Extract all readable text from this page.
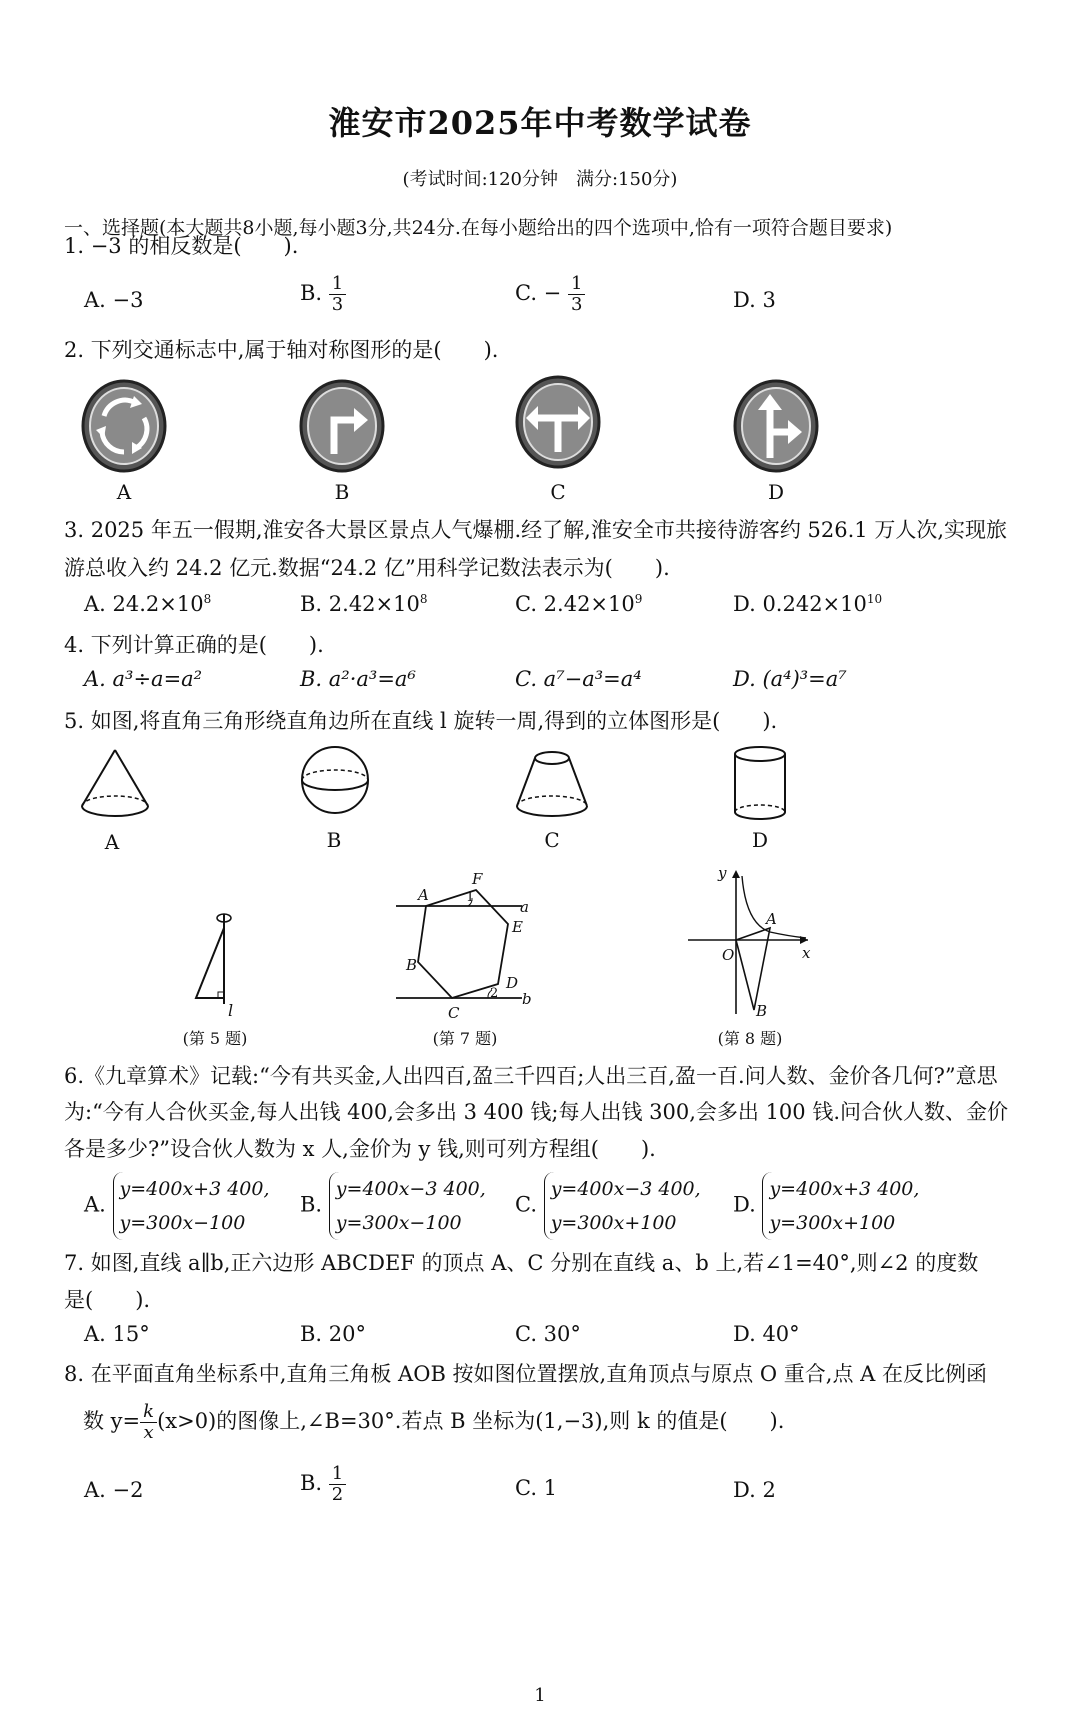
淮安市2025年中考数学试卷
(考试时间:120分钟　满分:150分)
一、选择题(本大题共8小题,每小题3分,共24分.在每小题给出的四个选项中,恰有一项符合题目要求)
1. −3 的相反数是(　　).
A. −3	B. $\frac{1}{3}$	C. − $\frac{1}{3}$	D. 3
2. 下列交通标志中,属于轴对称图形的是(　　).
A	B	C	D
3. 2025 年五一假期,淮安各大景区景点人气爆棚.经了解,淮安全市共接待游客约 526.1 万人次,实现旅
游总收入约 24.2 亿元.数据“24.2 亿”用科学记数法表示为(　　).
A. $24.2\times 10^8$	B. $2.42\times 10^8$	C. $2.42\times 10^9$	D. $0.242\times 10^{10}$
4. 下列计算正确的是(　　).
A. a³÷a=a²	B. a²·a³=a⁶	C. a⁷−a³=a⁴	D. (a⁴)³=a⁷
5. 如图,将直角三角形绕直角边所在直线 l 旋转一周,得到的立体图形是(　　).
A	B	C	D
l
(第 5 题)
A
F
a
E
B
D
C
b
1
2
(第 7 题)
y
A
O	x
B
(第 8 题)
6.《九章算术》记载:“今有共买金,人出四百,盈三千四百;人出三百,盈一百.问人数、金价各几何?”意思
为:“今有人合伙买金,每人出钱 400,会多出 3 400 钱;每人出钱 300,会多出 100 钱.问合伙人数、金价
各是多少?”设合伙人数为 x 人,金价为 y 钱,则可列方程组(　　).
A. y=400x+3 400,
y=300x−100
B. y=400x−3 400,
y=300x−100
C. y=400x−3 400,
y=300x+100
D. y=400x+3 400,
y=300x+100
7. 如图,直线 a∥b,正六边形 ABCDEF 的顶点 A、C 分别在直线 a、b 上,若∠1=40°,则∠2 的度数
是(　　).
A. 15°	B. 20°	C. 30°	D. 40°
8. 在平面直角坐标系中,直角三角板 AOB 按如图位置摆放,直角顶点与原点 O 重合,点 A 在反比例函
数 $y= \frac{k}{x} (x>0)$的图像上,∠B=30°.若点 B 坐标为(1,−3),则 k 的值是(　　).
A. −2	B. $\frac{1}{2}$	C. 1	D. 2
1
